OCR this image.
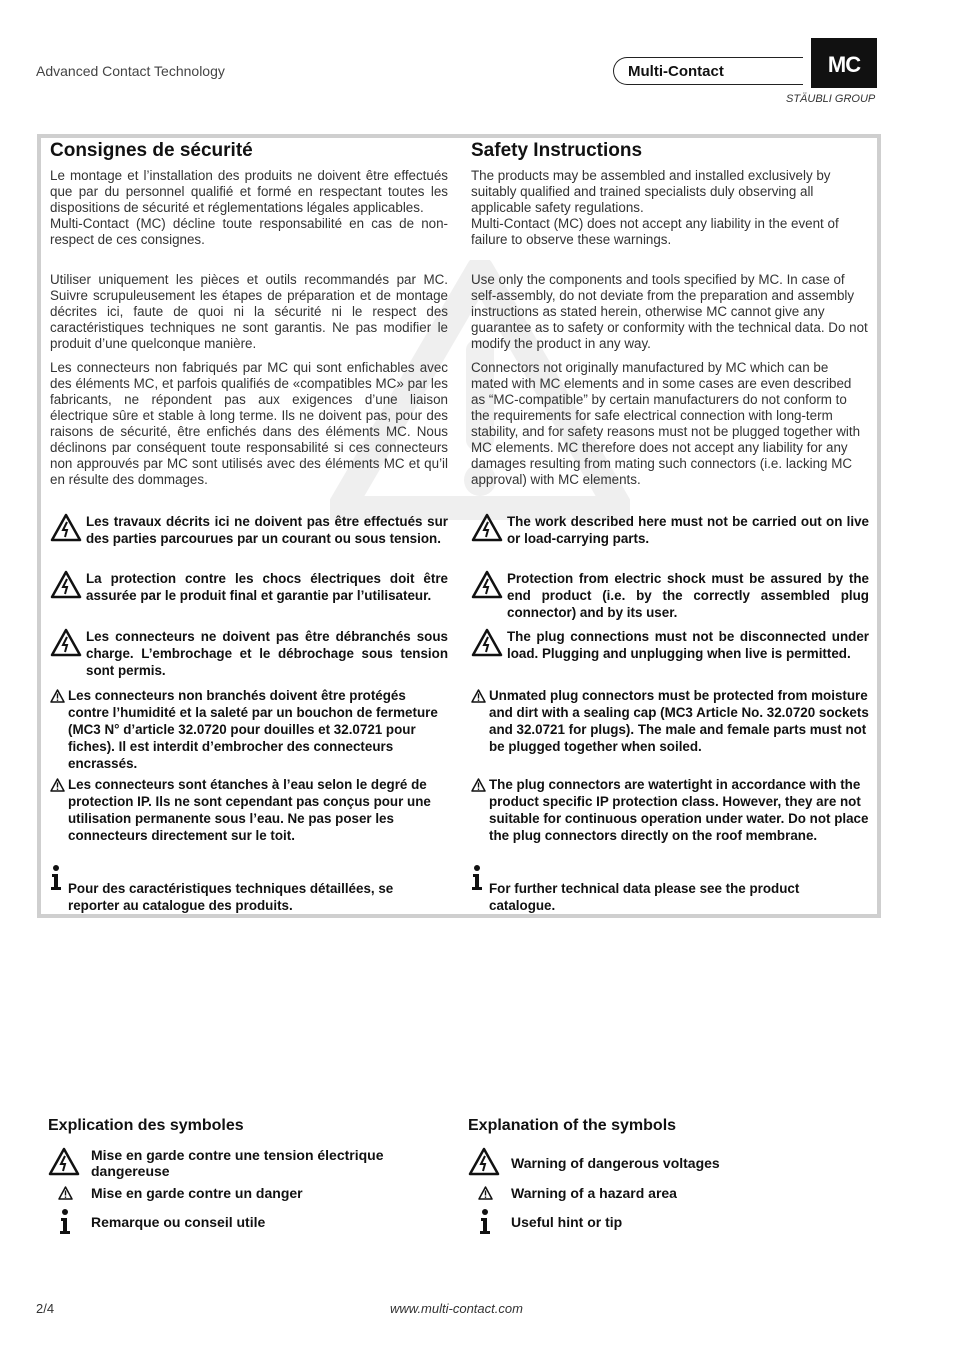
Advanced Contact Technology	Multi-Contact	MC
STÄUBLI GROUP
Consignes de sécurité
Le montage et l’installation des produits ne doivent être effectués que par du personnel qualifié et formé en respectant toutes les dispositions de sécurité et réglementations légales applicables.
Multi-Contact (MC) décline toute responsabilité en cas de non-respect de ces consignes.
Utiliser uniquement les pièces et outils recommandés par MC. Suivre scrupuleusement les étapes de préparation et de montage décrites ici, faute de quoi ni la sécurité ni le respect des caractéristiques techniques ne sont garantis. Ne pas modifier le produit d’une quelconque manière.
Les connecteurs non fabriqués par MC qui sont enfichables avec des éléments MC, et parfois qualifiés de «compatibles MC» par les fabricants, ne répondent pas aux exigences d’une liaison électrique sûre et stable à long terme. Ils ne doivent pas, pour des raisons de sécurité, être enfichés dans des éléments MC. Nous déclinons par conséquent toute responsabilité si ces connecteurs non approuvés par MC sont utilisés avec des éléments MC et qu’il en résulte des dommages.
Les travaux décrits ici ne doivent pas être effectués sur des parties parcourues par un courant ou sous tension.
La protection contre les chocs électriques doit être assurée par le produit final et garantie par l’utilisateur.
Les connecteurs ne doivent pas être débranchés sous charge. L’embrochage et le débrochage sous tension sont permis.
Les connecteurs non branchés doivent être protégés contre l’humidité et la saleté par un bouchon de fermeture (MC3 N° d’article 32.0720 pour douilles et 32.0721 pour fiches). Il est interdit d’embrocher des connecteurs encrassés.
Les connecteurs sont étanches à l’eau selon le degré de protection IP. Ils ne sont cependant pas conçus pour une utilisation permanente sous l’eau. Ne pas poser les connecteurs directement sur le toit.
Pour des caractéristiques techniques détaillées, se reporter au catalogue des produits.
Safety Instructions
The products may be assembled and installed exclusively by suitably qualified and trained specialists duly observing all applicable safety regulations.
Multi-Contact (MC) does not accept any liability in the event of failure to observe these warnings.
Use only the components and tools specified by MC. In case of self-assembly, do not deviate from the preparation and assembly instructions as stated herein, otherwise MC cannot give any guarantee as to safety or conformity with the technical data. Do not modify the product in any way.
Connectors not originally manufactured by MC which can be mated with MC elements and in some cases are even described as “MC-compatible” by certain manufacturers do not conform to the requirements for safe electrical connection with long-term stability, and for safety reasons must not be plugged together with MC elements. MC therefore does not accept any liability for any damages resulting from mating such connectors (i.e. lacking MC approval) with MC elements.
The work described here must not be carried out on live or load-carrying parts.
Protection from electric shock must be assured by the end product (i.e. by the correctly assembled plug connector) and by its user.
The plug connections must not be disconnected under load. Plugging and unplugging when live is permitted.
Unmated plug connectors must be protected from moisture and dirt with a sealing cap (MC3 Article No. 32.0720 sockets and 32.0721 for plugs). The male and female parts must not be plugged together when soiled.
The plug connectors are watertight in accordance with the product specific IP protection class. However, they are not suitable for continuous operation under water. Do not place the plug connectors directly on the roof membrane.
For further technical data please see the product catalogue.
Explication des symboles
Mise en garde contre une tension électrique dangereuse
Mise en garde contre un danger
Remarque ou conseil utile
Explanation of the symbols
Warning of dangerous voltages
Warning of a hazard area
Useful hint or tip
2/4	www.multi-contact.com
